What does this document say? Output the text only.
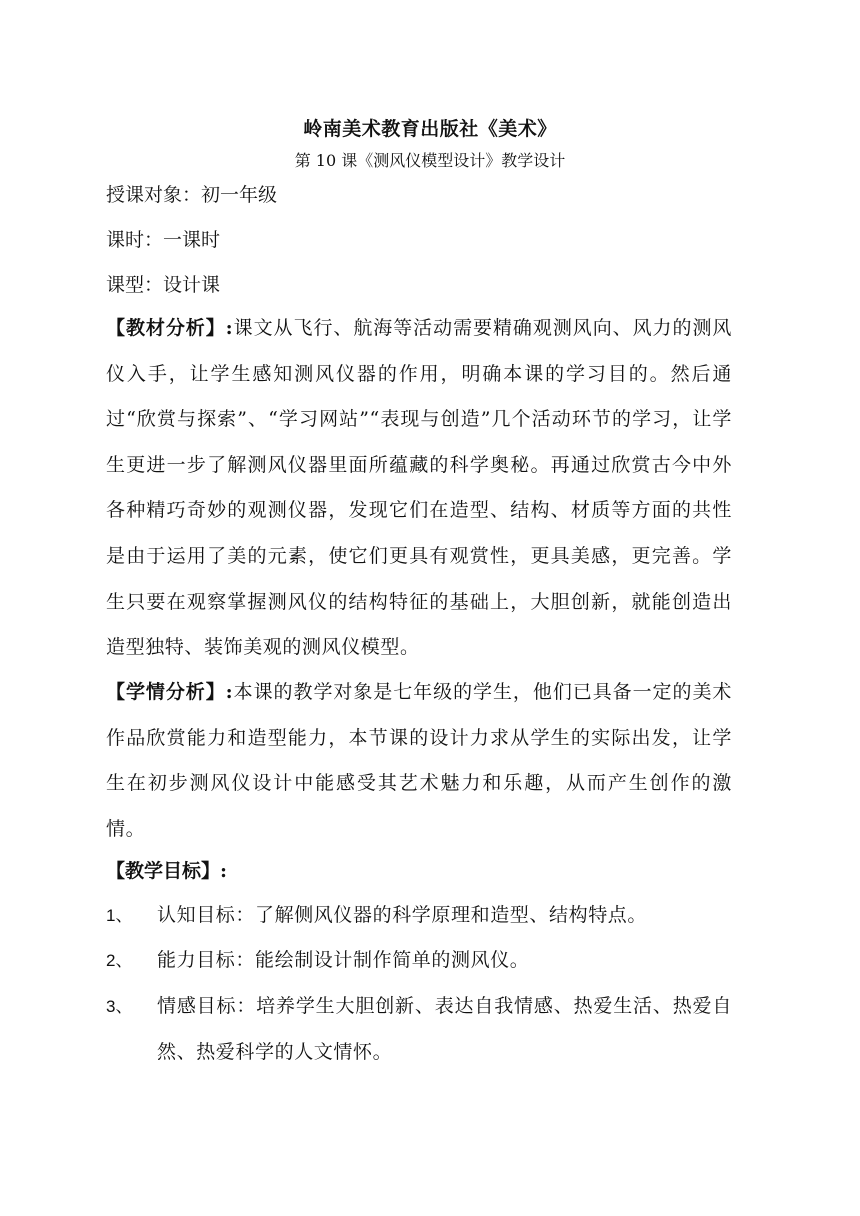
岭南美术教育出版社《美术》
第 10 课《测风仪模型设计》教学设计
授课对象：初一年级
课时：一课时
课型：设计课
【教材分析】:课文从飞行、航海等活动需要精确观测风向、风力的测风仪入手，让学生感知测风仪器的作用，明确本课的学习目的。然后通过“欣赏与探索”、“学习网站”“表现与创造”几个活动环节的学习，让学生更进一步了解测风仪器里面所蕴藏的科学奥秘。再通过欣赏古今中外各种精巧奇妙的观测仪器，发现它们在造型、结构、材质等方面的共性是由于运用了美的元素，使它们更具有观赏性，更具美感，更完善。学生只要在观察掌握测风仪的结构特征的基础上，大胆创新，就能创造出造型独特、装饰美观的测风仪模型。
【学情分析】:本课的教学对象是七年级的学生，他们已具备一定的美术作品欣赏能力和造型能力，本节课的设计力求从学生的实际出发，让学生在初步测风仪设计中能感受其艺术魅力和乐趣，从而产生创作的激情。
【教学目标】:
1、 认知目标：了解侧风仪器的科学原理和造型、结构特点。
2、 能力目标：能绘制设计制作简单的测风仪。
3、 情感目标：培养学生大胆创新、表达自我情感、热爱生活、热爱自然、热爱科学的人文情怀。
